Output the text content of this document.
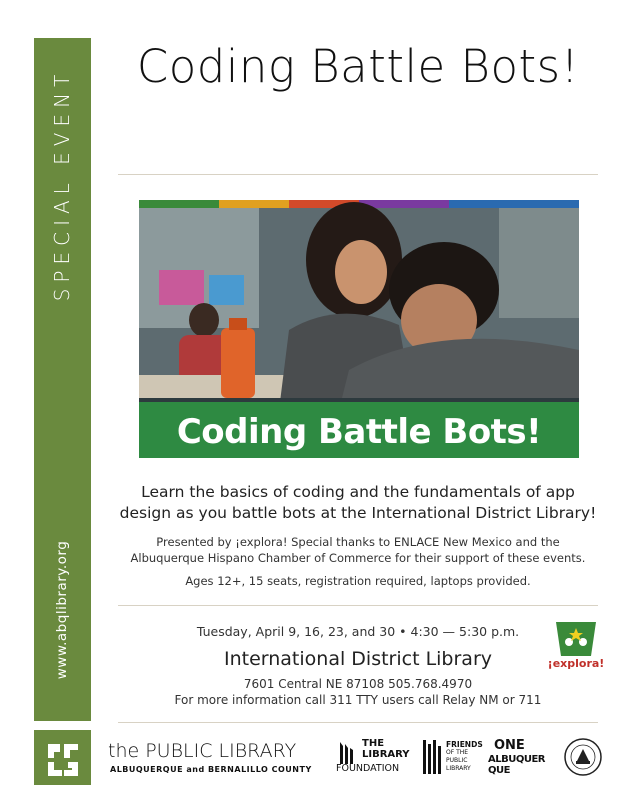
SPECIAL EVENT
www.abqlibrary.org
Coding Battle Bots!
Coding Battle Bots!
Learn the basics of coding and the fundamentals of app design as you battle bots at the International District Library!
Presented by ¡explora! Special thanks to ENLACE New Mexico and the Albuquerque Hispano Chamber of Commerce for their support of these events.
Ages 12+, 15 seats, registration required, laptops provided.
Tuesday, April 9, 16, 23, and 30 • 4:30 — 5:30 p.m.
International District Library
7601 Central NE 87108 505.768.4970
For more information call 311 TTY users call Relay NM or 711
¡explora!
the PUBLIC LIBRARY
ALBUQUERQUE and BERNALILLO COUNTY
THE
LIBRARY
FOUNDATION
FRIENDS
OF THE
PUBLIC
LIBRARY
ONE
ALBUQUERQUE
